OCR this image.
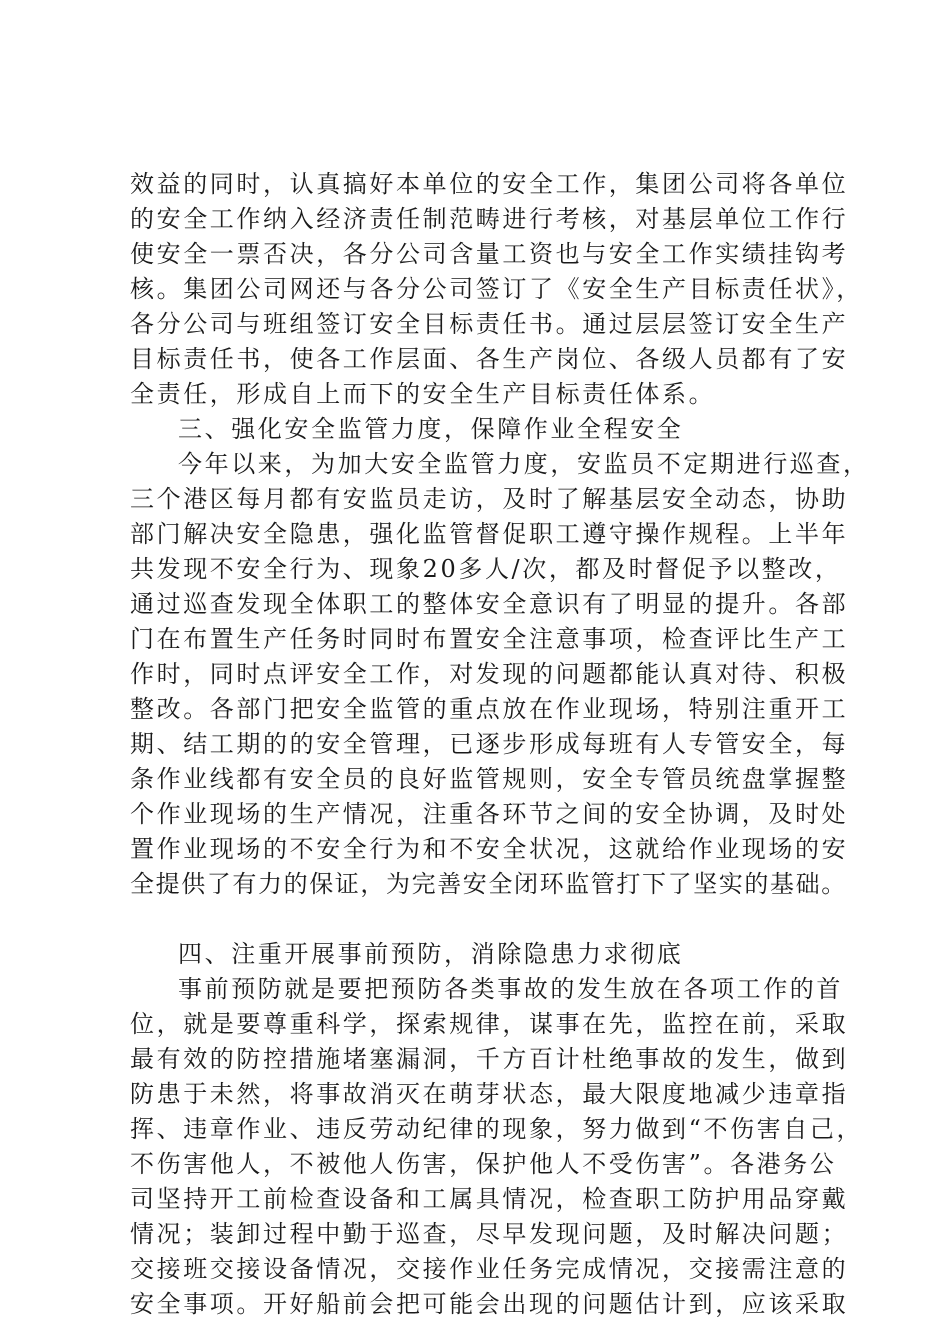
效益的同时，认真搞好本单位的安全工作，集团公司将各单位
的安全工作纳入经济责任制范畴进行考核，对基层单位工作行
使安全一票否决，各分公司含量工资也与安全工作实绩挂钩考
核。集团公司网还与各分公司签订了《安全生产目标责任状》，
各分公司与班组签订安全目标责任书。通过层层签订安全生产
目标责任书，使各工作层面、各生产岗位、各级人员都有了安
全责任，形成自上而下的安全生产目标责任体系。
三、强化安全监管力度，保障作业全程安全
今年以来，为加大安全监管力度，安监员不定期进行巡查，
三个港区每月都有安监员走访，及时了解基层安全动态，协助
部门解决安全隐患，强化监管督促职工遵守操作规程。上半年
共发现不安全行为、现象20多人/次，都及时督促予以整改，
通过巡查发现全体职工的整体安全意识有了明显的提升。各部
门在布置生产任务时同时布置安全注意事项，检查评比生产工
作时，同时点评安全工作，对发现的问题都能认真对待、积极
整改。各部门把安全监管的重点放在作业现场，特别注重开工
期、结工期的的安全管理，已逐步形成每班有人专管安全，每
条作业线都有安全员的良好监管规则，安全专管员统盘掌握整
个作业现场的生产情况，注重各环节之间的安全协调，及时处
置作业现场的不安全行为和不安全状况，这就给作业现场的安
全提供了有力的保证，为完善安全闭环监管打下了坚实的基础。
四、注重开展事前预防，消除隐患力求彻底
事前预防就是要把预防各类事故的发生放在各项工作的首
位，就是要尊重科学，探索规律，谋事在先，监控在前，采取
最有效的防控措施堵塞漏洞，千方百计杜绝事故的发生，做到
防患于未然，将事故消灭在萌芽状态，最大限度地减少违章指
挥、违章作业、违反劳动纪律的现象，努力做到“不伤害自己，
不伤害他人，不被他人伤害，保护他人不受伤害”。各港务公
司坚持开工前检查设备和工属具情况，检查职工防护用品穿戴
情况；装卸过程中勤于巡查，尽早发现问题，及时解决问题；
交接班交接设备情况，交接作业任务完成情况，交接需注意的
安全事项。开好船前会把可能会出现的问题估计到，应该采取
